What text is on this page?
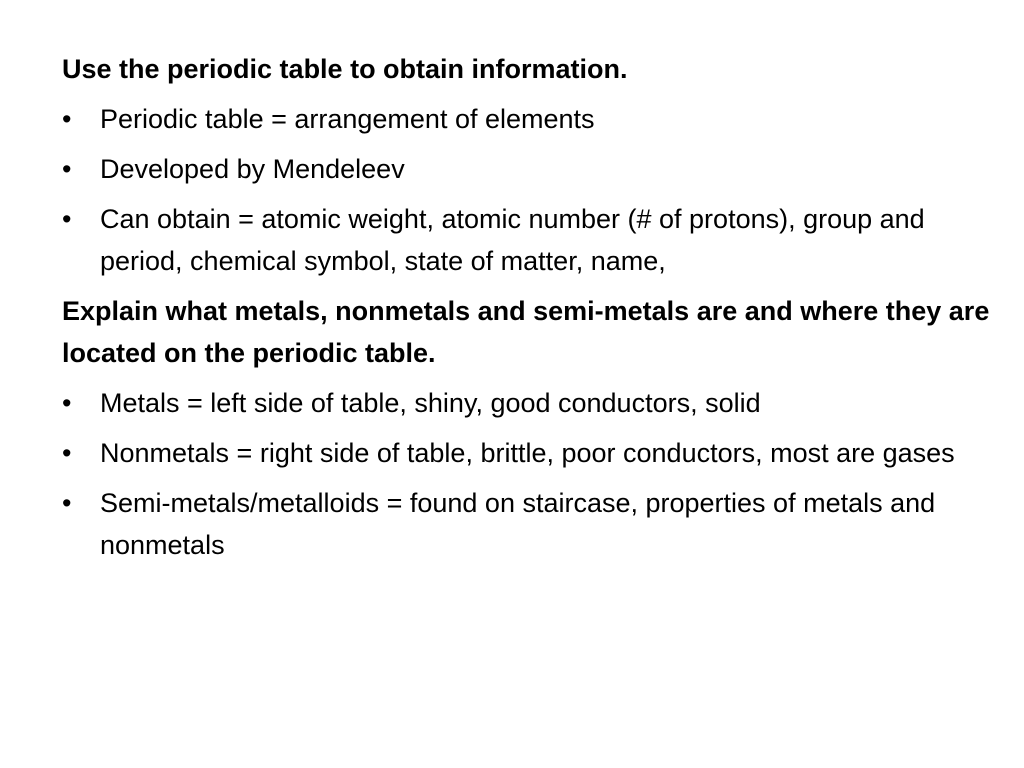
Use the periodic table to obtain information.
•	Periodic table = arrangement of elements
•	Developed by Mendeleev
•	Can obtain = atomic weight, atomic number (# of protons), group and period, chemical symbol, state of matter, name,
Explain what metals, nonmetals and semi-metals are and where they are located on the periodic table.
•	Metals = left side of table, shiny, good conductors, solid
•	Nonmetals = right side of table, brittle, poor conductors, most are gases
•	Semi-metals/metalloids = found on staircase, properties of metals and nonmetals
